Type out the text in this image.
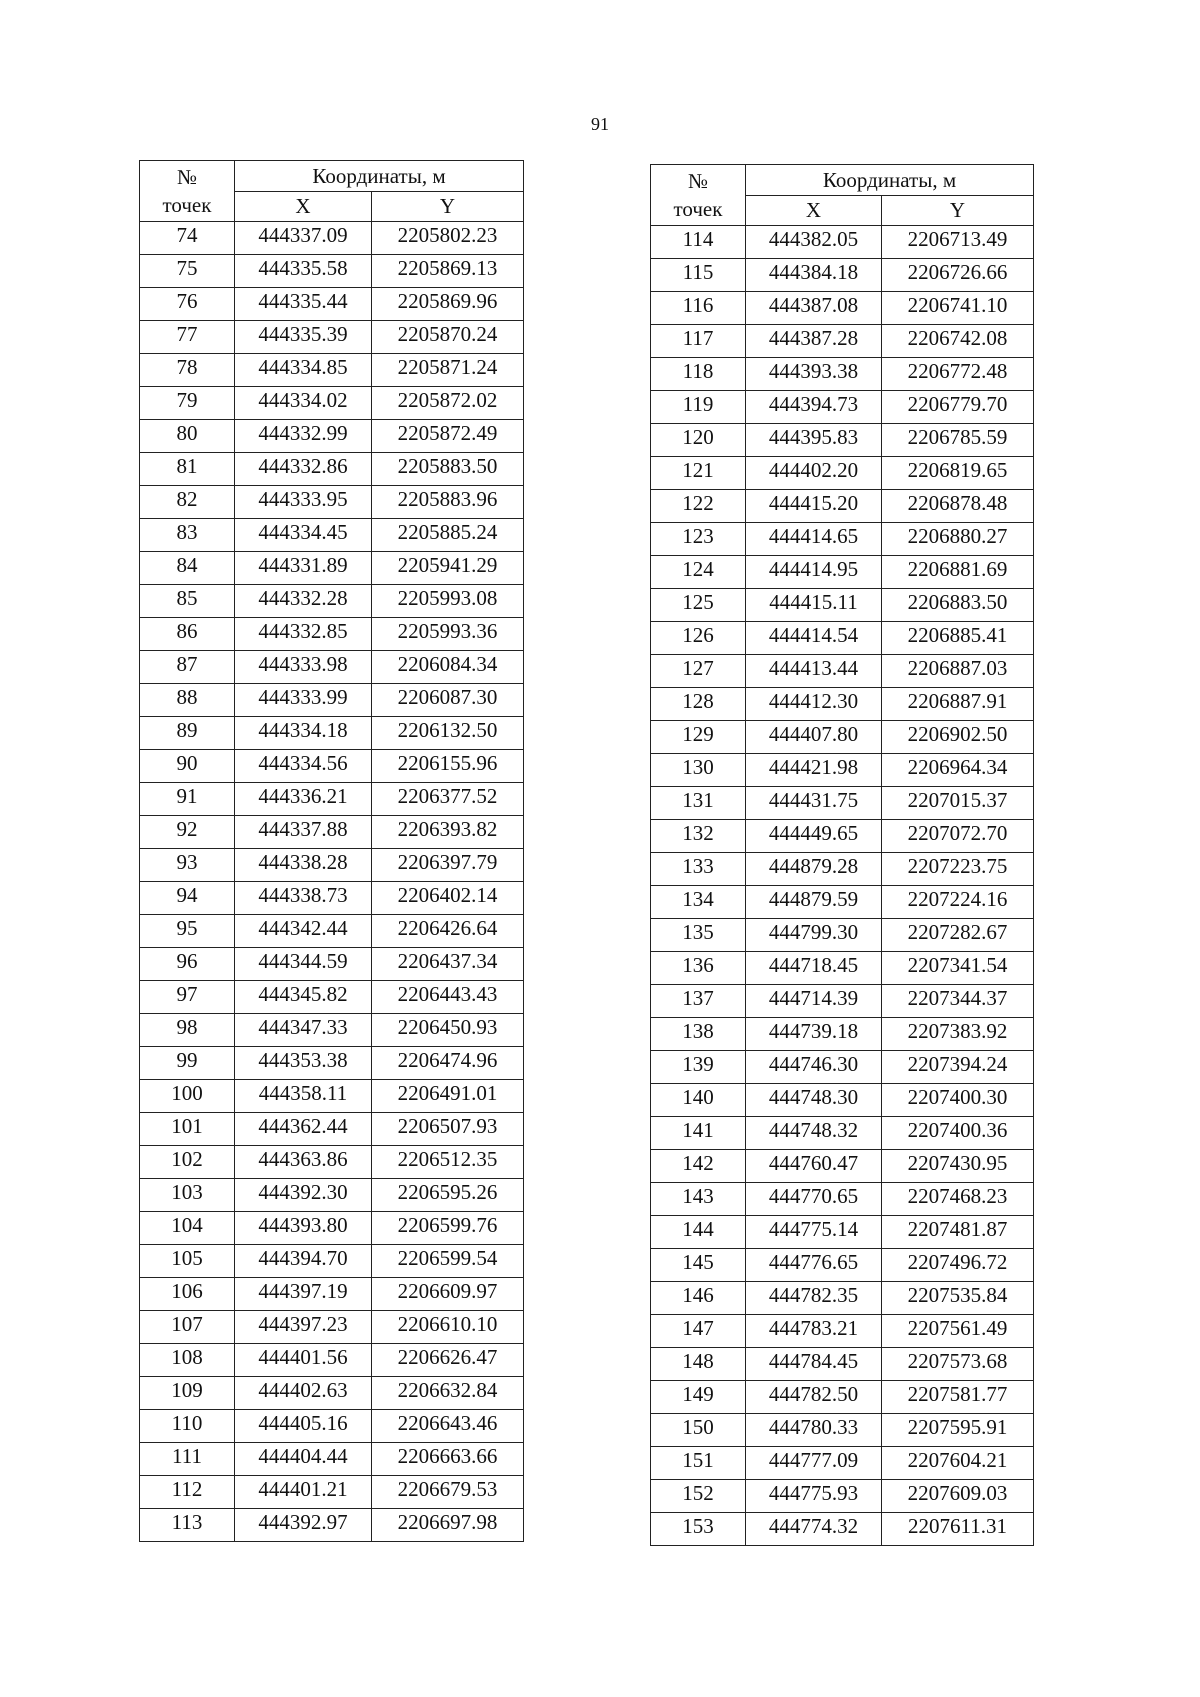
91
№
точек	Координаты, м	
	X	Y
74	444337.09	2205802.23
75	444335.58	2205869.13
76	444335.44	2205869.96
77	444335.39	2205870.24
78	444334.85	2205871.24
79	444334.02	2205872.02
80	444332.99	2205872.49
81	444332.86	2205883.50
82	444333.95	2205883.96
83	444334.45	2205885.24
84	444331.89	2205941.29
85	444332.28	2205993.08
86	444332.85	2205993.36
87	444333.98	2206084.34
88	444333.99	2206087.30
89	444334.18	2206132.50
90	444334.56	2206155.96
91	444336.21	2206377.52
92	444337.88	2206393.82
93	444338.28	2206397.79
94	444338.73	2206402.14
95	444342.44	2206426.64
96	444344.59	2206437.34
97	444345.82	2206443.43
98	444347.33	2206450.93
99	444353.38	2206474.96
100	444358.11	2206491.01
101	444362.44	2206507.93
102	444363.86	2206512.35
103	444392.30	2206595.26
104	444393.80	2206599.76
105	444394.70	2206599.54
106	444397.19	2206609.97
107	444397.23	2206610.10
108	444401.56	2206626.47
109	444402.63	2206632.84
110	444405.16	2206643.46
111	444404.44	2206663.66
112	444401.21	2206679.53
113	444392.97	2206697.98
№
точек	Координаты, м	
	X	Y
114	444382.05	2206713.49
115	444384.18	2206726.66
116	444387.08	2206741.10
117	444387.28	2206742.08
118	444393.38	2206772.48
119	444394.73	2206779.70
120	444395.83	2206785.59
121	444402.20	2206819.65
122	444415.20	2206878.48
123	444414.65	2206880.27
124	444414.95	2206881.69
125	444415.11	2206883.50
126	444414.54	2206885.41
127	444413.44	2206887.03
128	444412.30	2206887.91
129	444407.80	2206902.50
130	444421.98	2206964.34
131	444431.75	2207015.37
132	444449.65	2207072.70
133	444879.28	2207223.75
134	444879.59	2207224.16
135	444799.30	2207282.67
136	444718.45	2207341.54
137	444714.39	2207344.37
138	444739.18	2207383.92
139	444746.30	2207394.24
140	444748.30	2207400.30
141	444748.32	2207400.36
142	444760.47	2207430.95
143	444770.65	2207468.23
144	444775.14	2207481.87
145	444776.65	2207496.72
146	444782.35	2207535.84
147	444783.21	2207561.49
148	444784.45	2207573.68
149	444782.50	2207581.77
150	444780.33	2207595.91
151	444777.09	2207604.21
152	444775.93	2207609.03
153	444774.32	2207611.31
